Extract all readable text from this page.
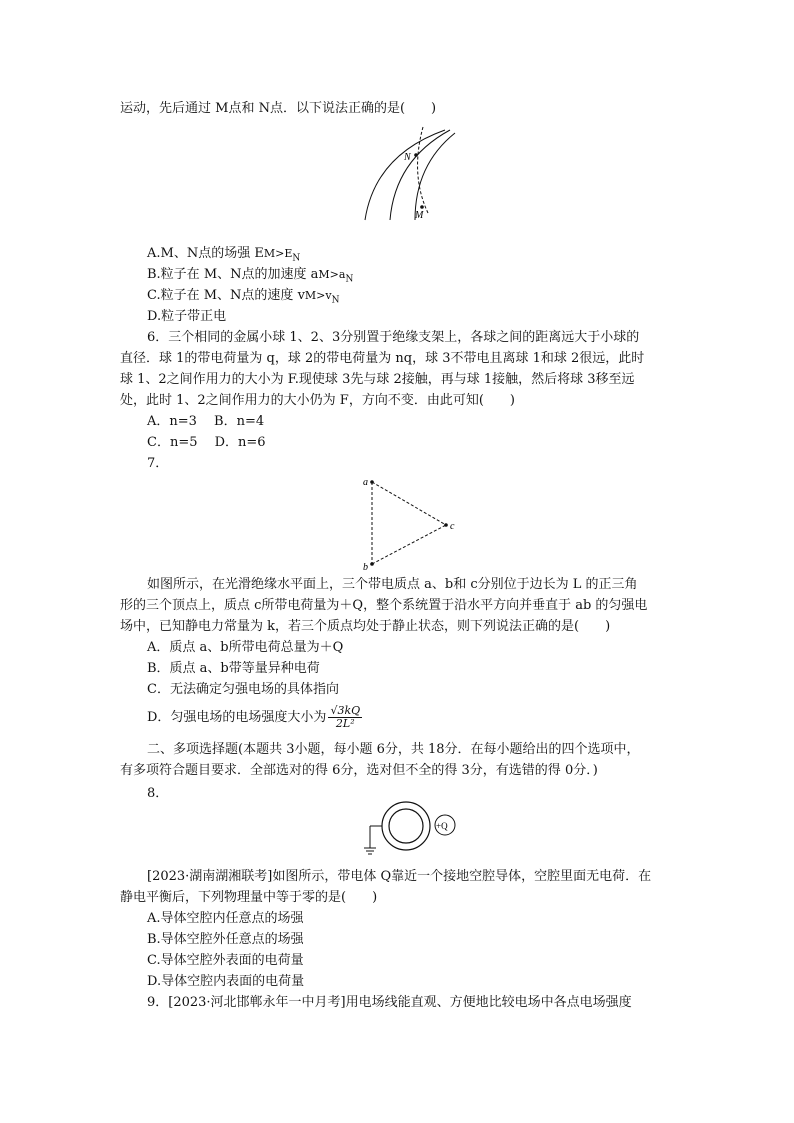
运动，先后通过 M点和 N点．以下说法正确的是(　　)
N
M
A.M、N点的场强 $EM>E_N$
B.粒子在 M、N点的加速度 $aM>a_N$
C.粒子在 M、N点的速度 $vM>v_N$
D.粒子带正电
6．三个相同的金属小球 1、2、3分别置于绝缘支架上，各球之间的距离远大于小球的
直径．球 1的带电荷量为 q，球 2的带电荷量为 nq，球 3不带电且离球 1和球 2很远，此时
球 1、2之间作用力的大小为 F.现使球 3先与球 2接触，再与球 1接触，然后将球 3移至远
处，此时 1、2之间作用力的大小仍为 F，方向不变．由此可知(　　)
A．n=3　 B．n=4
C．n=5　 D．n=6
7．
a
b
c
如图所示，在光滑绝缘水平面上，三个带电质点 a、b和 c分别位于边长为 L 的正三角
形的三个顶点上，质点 c所带电荷量为＋Q，整个系统置于沿水平方向并垂直于 ab 的匀强电
场中，已知静电力常量为 k，若三个质点均处于静止状态，则下列说法正确的是(　　)
A．质点 a、b所带电荷总量为＋Q
B．质点 a、b带等量异种电荷
C．无法确定匀强电场的具体指向
D．匀强电场的电场强度大小为 $\frac{√3kQ}{\text{2L²}}$
二、多项选择题(本题共 3小题，每小题 6分，共 18分．在每小题给出的四个选项中，
有多项符合题目要求．全部选对的得 6分，选对但不全的得 3分，有选错的得 0分．)
8．
+Q
[2023·湖南湖湘联考]如图所示，带电体 Q靠近一个接地空腔导体，空腔里面无电荷．在
静电平衡后，下列物理量中等于零的是(　　)
A.导体空腔内任意点的场强
B.导体空腔外任意点的场强
C.导体空腔外表面的电荷量
D.导体空腔内表面的电荷量
9．[2023·河北邯郸永年一中月考]用电场线能直观、方便地比较电场中各点电场强度
